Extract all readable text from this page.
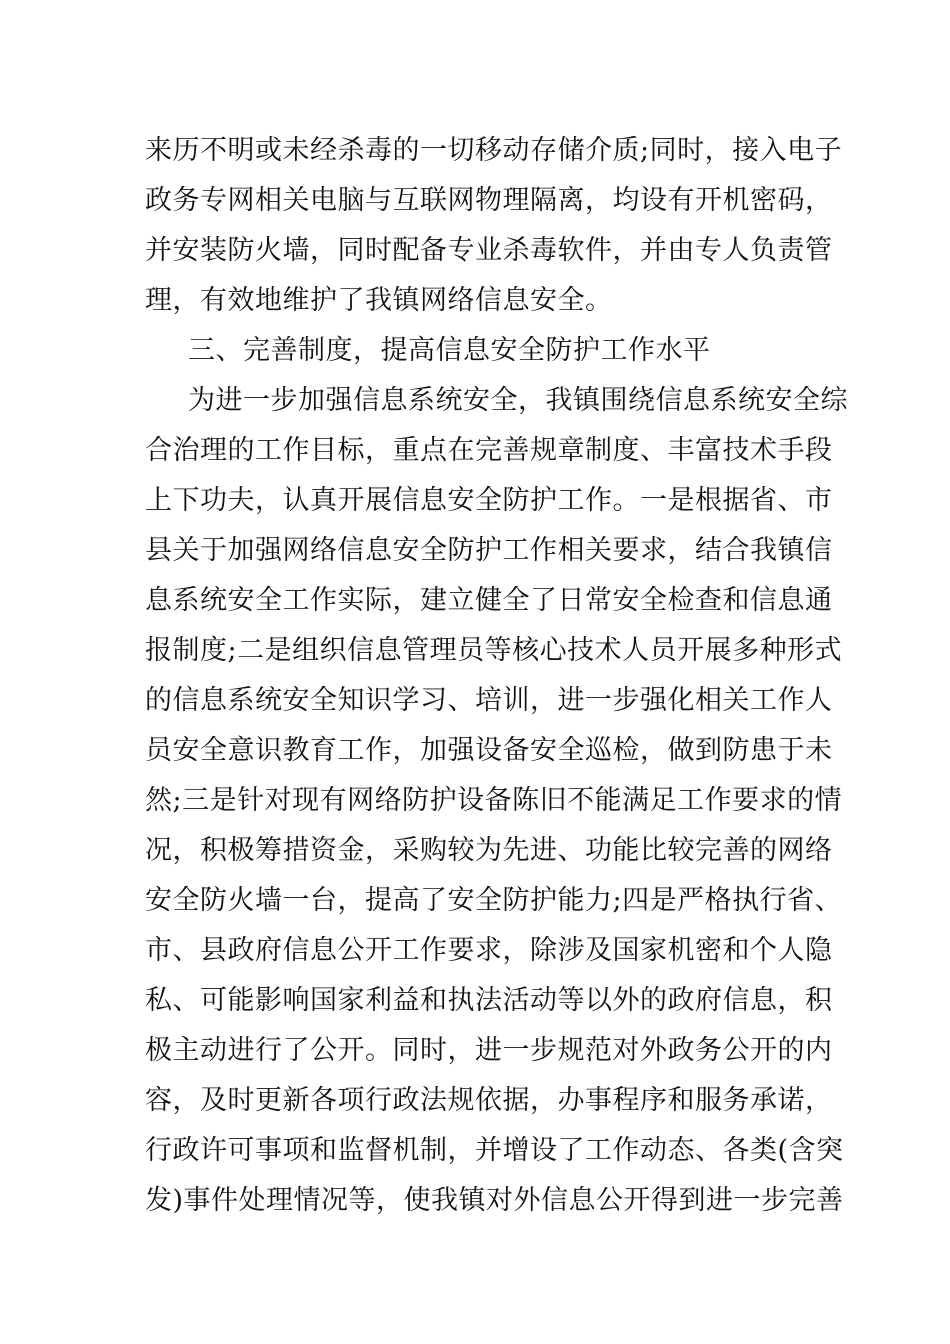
来历不明或未经杀毒的一切移动存储介质;同时，接入电子
政务专网相关电脑与互联网物理隔离，均设有开机密码，
并安装防火墙，同时配备专业杀毒软件，并由专人负责管
理，有效地维护了我镇网络信息安全。
三、完善制度，提高信息安全防护工作水平
为进一步加强信息系统安全，我镇围绕信息系统安全综
合治理的工作目标，重点在完善规章制度、丰富技术手段
上下功夫，认真开展信息安全防护工作。一是根据省、市
县关于加强网络信息安全防护工作相关要求，结合我镇信
息系统安全工作实际，建立健全了日常安全检查和信息通
报制度;二是组织信息管理员等核心技术人员开展多种形式
的信息系统安全知识学习、培训，进一步强化相关工作人
员安全意识教育工作，加强设备安全巡检，做到防患于未
然;三是针对现有网络防护设备陈旧不能满足工作要求的情
况，积极筹措资金，采购较为先进、功能比较完善的网络
安全防火墙一台，提高了安全防护能力;四是严格执行省、
市、县政府信息公开工作要求，除涉及国家机密和个人隐
私、可能影响国家利益和执法活动等以外的政府信息，积
极主动进行了公开。同时，进一步规范对外政务公开的内
容，及时更新各项行政法规依据，办事程序和服务承诺，
行政许可事项和监督机制，并增设了工作动态、各类(含突
发)事件处理情况等，使我镇对外信息公开得到进一步完善
